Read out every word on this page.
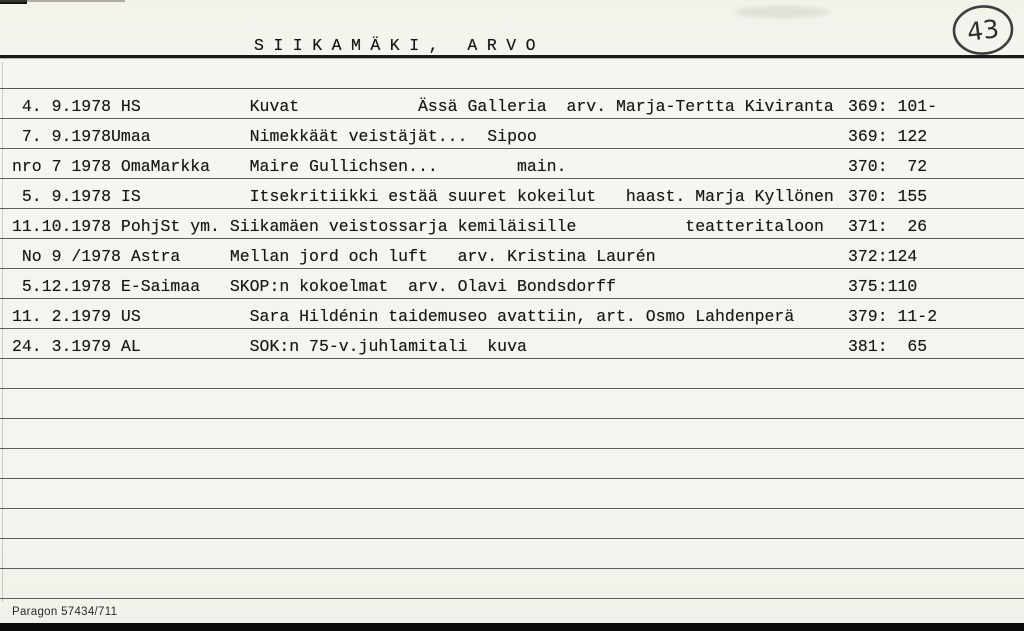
SIIKAMÄKI, ARVO	43
4. 9.1978 HS           Kuvat            Ässä Galleria  arv. Marja-Tertta Kiviranta 369: 101-
7. 9.1978Umaa          Nimekkäät veistäjät...  Sipoo	369: 122
nro 7 1978 OmaMarkka    Maire Gullichsen...        main.	370:  72
5. 9.1978 IS           Itsekritiikki estää suuret kokeilut   haast. Marja Kyllönen 370: 155
11.10.1978 PohjSt ym. Siikamäen veistossarja kemiläisille           teatteritaloon 371:  26
No 9 /1978 Astra     Mellan jord och luft   arv. Kristina Laurén	372:124
5.12.1978 E-Saimaa   SKOP:n kokoelmat  arv. Olavi Bondsdorff	375:110
11. 2.1979 US           Sara Hildénin taidemuseo avattiin, art. Osmo Lahdenperä	379: 11-2
24. 3.1979 AL           SOK:n 75-v.juhlamitali  kuva	381:  65
Paragon 57434/711
